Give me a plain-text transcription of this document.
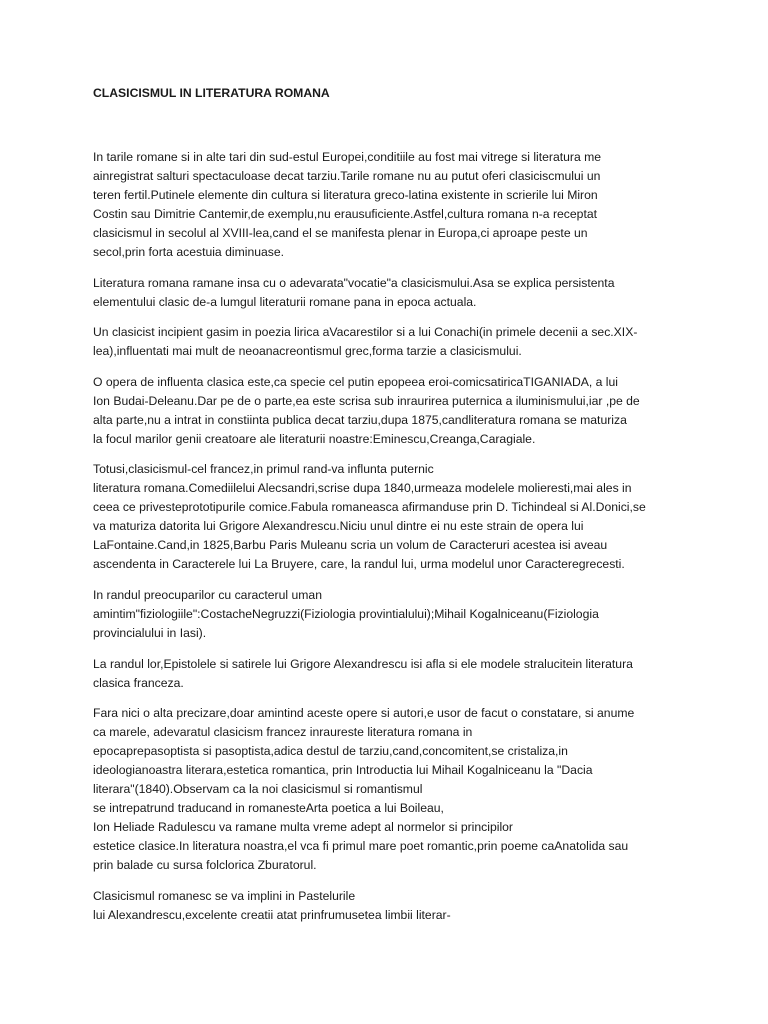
CLASICISMUL IN LITERATURA ROMANA
In tarile romane si in alte tari din sud-estul Europei,conditiile au fost mai vitrege si literatura me
ainregistrat salturi spectaculoase decat tarziu.Tarile romane nu au putut oferi clasiciscmului un
teren fertil.Putinele elemente din cultura si literatura greco-latina existente in scrierile lui Miron
Costin sau Dimitrie Cantemir,de exemplu,nu erausuficiente.Astfel,cultura romana n-a receptat
clasicismul in secolul al XVIII-lea,cand el se manifesta plenar in Europa,ci aproape peste un
secol,prin forta acestuia diminuase.
Literatura romana ramane insa cu o adevarata"vocatie"a clasicismului.Asa se explica persistenta
elementului clasic de-a lumgul literaturii romane pana in epoca actuala.
Un clasicist incipient gasim in poezia lirica aVacarestilor si a lui Conachi(in primele decenii a sec.XIX-
lea),influentati mai mult de neoanacreontismul grec,forma tarzie a clasicismului.
O opera de influenta clasica este,ca specie cel putin epopeea eroi-comicsatiricaTIGANIADA, a lui
Ion Budai-Deleanu.Dar pe de o parte,ea este scrisa sub inraurirea puternica a iluminismului,iar ,pe de
alta parte,nu a intrat in constiinta publica decat tarziu,dupa 1875,candliteratura romana se maturiza
la focul marilor genii creatoare ale literaturii noastre:Eminescu,Creanga,Caragiale.
Totusi,clasicismul-cel francez,in primul rand-va influnta puternic
literatura romana.Comediilelui Alecsandri,scrise dupa 1840,urmeaza modelele molieresti,mai ales in
ceea ce privesteprototipurile comice.Fabula romaneasca afirmanduse prin D. Tichindeal si Al.Donici,se
va maturiza datorita lui Grigore Alexandrescu.Niciu unul dintre ei nu este strain de opera lui
LaFontaine.Cand,in 1825,Barbu Paris Muleanu scria un volum de Caracteruri acestea isi aveau
ascendenta in Caracterele lui La Bruyere, care, la randul lui, urma modelul unor Caracteregrecesti.
In randul preocuparilor cu caracterul uman
amintim"fiziologiile":CostacheNegruzzi(Fiziologia provintialului);Mihail Kogalniceanu(Fiziologia
provincialului in Iasi).
La randul lor,Epistolele si satirele lui Grigore Alexandrescu isi afla si ele modele stralucitein literatura
clasica franceza.
Fara nici o alta precizare,doar amintind aceste opere si autori,e usor de facut o constatare, si anume
ca marele, adevaratul clasicism francez inraureste literatura romana in
epocaprepasoptista si pasoptista,adica destul de tarziu,cand,concomitent,se cristaliza,in
ideologianoastra literara,estetica romantica, prin Introductia lui Mihail Kogalniceanu la "Dacia
literara"(1840).Observam ca la noi clasicismul si romantismul
se intrepatrund traducand in romanesteArta poetica a lui Boileau,
Ion Heliade Radulescu va ramane multa vreme adept al normelor si principilor
estetice clasice.In literatura noastra,el vca fi primul mare poet romantic,prin poeme caAnatolida sau
prin balade cu sursa folclorica Zburatorul.
Clasicismul romanesc se va implini in Pastelurile
lui Alexandrescu,excelente creatii atat prinfrumusetea limbii literar-
